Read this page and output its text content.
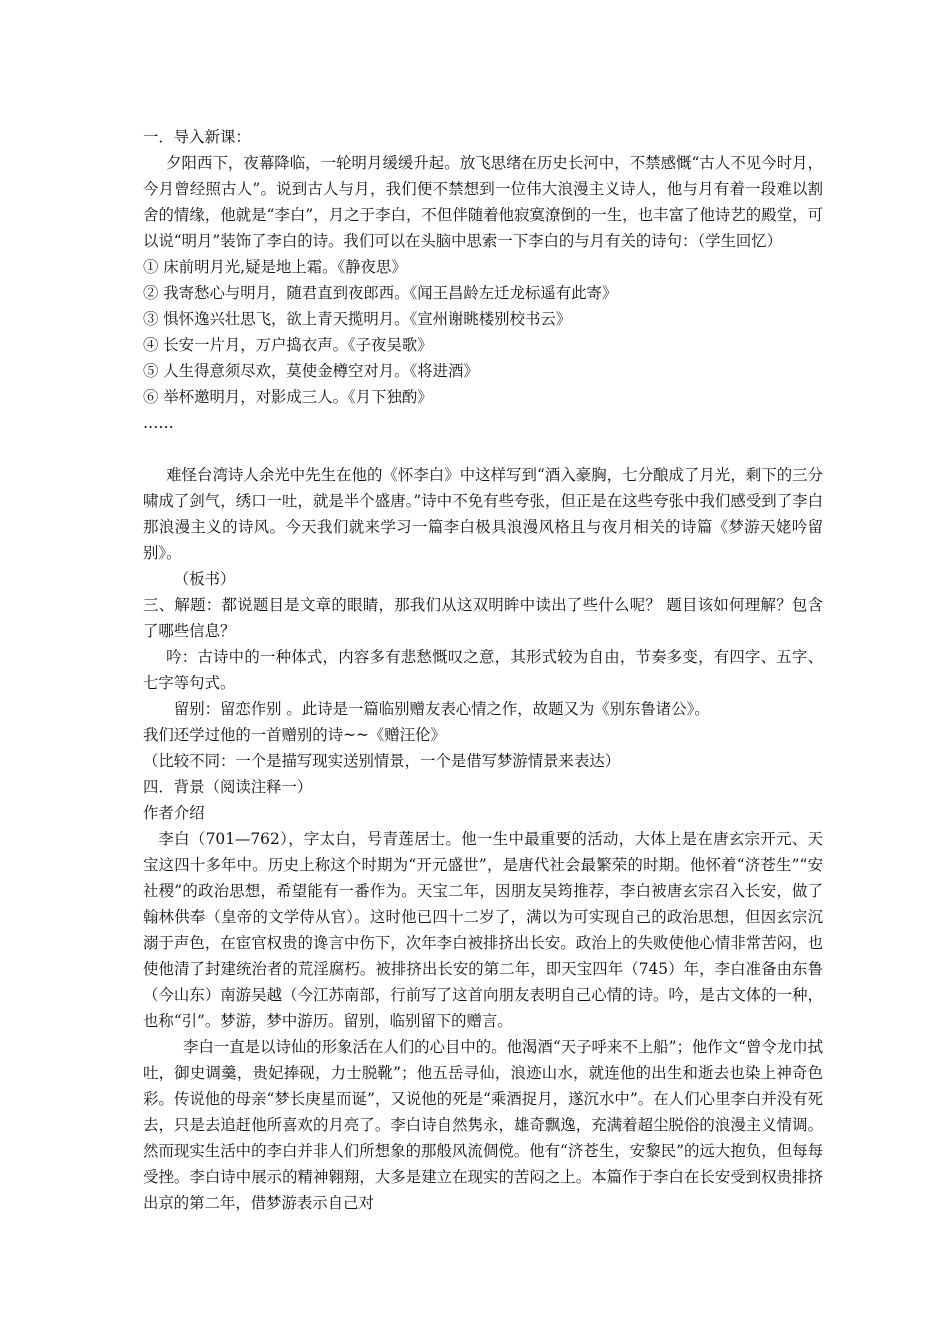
一．导入新课：

夕阳西下，夜幕降临，一轮明月缓缓升起。放飞思绪在历史长河中，不禁感慨“古人不见今时月，今月曾经照古人”。说到古人与月，我们便不禁想到一位伟大浪漫主义诗人，他与月有着一段难以割舍的情缘，他就是“李白”，月之于李白，不但伴随着他寂寞潦倒的一生，也丰富了他诗艺的殿堂，可以说“明月”装饰了李白的诗。我们可以在头脑中思索一下李白的与月有关的诗句：（学生回忆）

① 床前明月光,疑是地上霜。《静夜思》

② 我寄愁心与明月，随君直到夜郎西。《闻王昌龄左迁龙标遥有此寄》

③ 惧怀逸兴壮思飞，欲上青天揽明月。《宣州谢眺楼别校书云》

④ 长安一片月，万户捣衣声。《子夜吴歌》

⑤ 人生得意须尽欢，莫使金樽空对月。《将进酒》

⑥ 举杯邀明月，对影成三人。《月下独酌》

……

难怪台湾诗人余光中先生在他的《怀李白》中这样写到“酒入豪胸，七分酿成了月光，剩下的三分啸成了剑气，绣口一吐，就是半个盛唐。”诗中不免有些夸张，但正是在这些夸张中我们感受到了李白那浪漫主义的诗风。今天我们就来学习一篇李白极具浪漫风格且与夜月相关的诗篇《梦游天姥吟留别》。

（板书）

三、解题：都说题目是文章的眼睛，那我们从这双明眸中读出了些什么呢？ 题目该如何理解？包含了哪些信息？

吟：古诗中的一种体式，内容多有悲愁慨叹之意，其形式较为自由，节奏多变，有四字、五字、七字等句式。

留别：留恋作别 。此诗是一篇临别赠友表心情之作，故题又为《别东鲁诸公》。

我们还学过他的一首赠别的诗~~《赠汪伦》

（比较不同：一个是描写现实送别情景，一个是借写梦游情景来表达）

四．背景（阅读注释一）

作者介绍

李白（701—762），字太白，号青莲居士。他一生中最重要的活动，大体上是在唐玄宗开元、天宝这四十多年中。历史上称这个时期为“开元盛世”，是唐代社会最繁荣的时期。他怀着“济苍生”“安社稷”的政治思想，希望能有一番作为。天宝二年，因朋友吴筠推荐，李白被唐玄宗召入长安，做了翰林供奉（皇帝的文学侍从官）。这时他已四十二岁了，满以为可实现自己的政治思想，但因玄宗沉溺于声色，在宦官权贵的谗言中伤下，次年李白被排挤出长安。政治上的失败使他心情非常苦闷，也使他清了封建统治者的荒淫腐朽。被排挤出长安的第二年，即天宝四年（745）年，李白准备由东鲁（今山东）南游吴越（今江苏南部，行前写了这首向朋友表明自己心情的诗。吟，是古文体的一种，也称“引”。梦游，梦中游历。留别，临别留下的赠言。

李白一直是以诗仙的形象活在人们的心目中的。他渴酒“天子呼来不上船”；他作文“曾令龙巾拭吐，御史调羹，贵妃捧砚，力士脱靴”；他五岳寻仙，浪迹山水，就连他的出生和逝去也染上神奇色彩。传说他的母亲“梦长庚星而诞”，又说他的死是“乘酒捉月，遂沉水中”。在人们心里李白并没有死去，只是去追赶他所喜欢的月亮了。李白诗自然隽永，雄奇飘逸，充满着超尘脱俗的浪漫主义情调。然而现实生活中的李白并非人们所想象的那般风流倜傥。他有“济苍生，安黎民”的远大抱负，但每每受挫。李白诗中展示的精神翱翔，大多是建立在现实的苦闷之上。本篇作于李白在长安受到权贵排挤出京的第二年，借梦游表示自己对
